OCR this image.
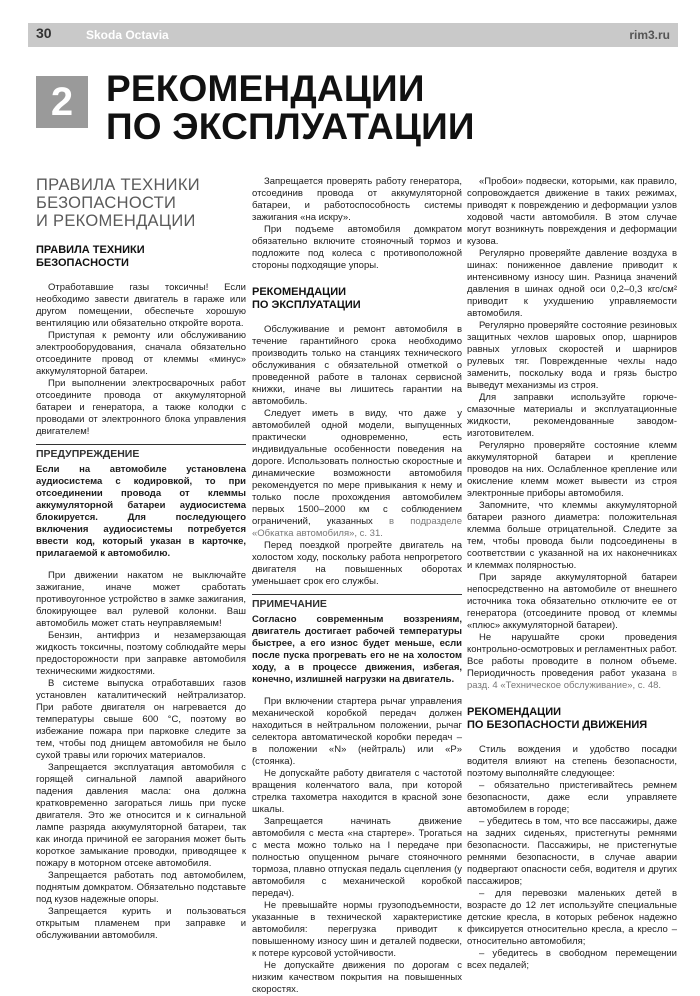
30	Skoda Octavia	rim3.ru
2 РЕКОМЕНДАЦИИ
ПО ЭКСПЛУАТАЦИИ
ПРАВИЛА ТЕХНИКИ
БЕЗОПАСНОСТИ
И РЕКОМЕНДАЦИИ
ПРАВИЛА ТЕХНИКИ
БЕЗОПАСНОСТИ

Отработавшие газы токсичны! Если необходимо завести двигатель в гараже или другом помещении, обеспечьте хорошую вентиляцию или обязательно откройте ворота.

Приступая к ремонту или обслуживанию электрооборудования, сначала обязательно отсоедините провод от клеммы «минус» аккумуляторной батареи.

При выполнении электросварочных работ отсоедините провода от аккумуляторной батареи и генератора, а также колодки с проводами от электронного блока управления двигателем!

ПРЕДУПРЕЖДЕНИЕ
Если на автомобиле установлена аудиосистема с кодировкой, то при отсоединении провода от клеммы аккумуляторной батареи аудиосистема блокируется. Для последующего включения аудиосистемы потребуется ввести код, который указан в карточке, прилагаемой к автомобилю.

При движении накатом не выключайте зажигание, иначе может сработать противоугонное устройство в замке зажигания, блокирующее вал рулевой колонки. Ваш автомобиль может стать неуправляемым!

Бензин, антифриз и незамерзающая жидкость токсичны, поэтому соблюдайте меры предосторожности при заправке автомобиля техническими жидкостями.

В системе выпуска отработавших газов установлен каталитический нейтрализатор. При работе двигателя он нагревается до температуры свыше 600 °С, поэтому во избежание пожара при парковке следите за тем, чтобы под днищем автомобиля не было сухой травы или горючих материалов.

Запрещается эксплуатация автомобиля с горящей сигнальной лампой аварийного падения давления масла: она должна кратковременно загораться лишь при пуске двигателя. Это же относится и к сигнальной лампе разряда аккумуляторной батареи, так как иногда причиной ее загорания может быть короткое замыкание проводки, приводящее к пожару в моторном отсеке автомобиля.

Запрещается работать под автомобилем, поднятым домкратом. Обязательно подставьте под кузов надежные опоры.

Запрещается курить и пользоваться открытым пламенем при заправке и обслуживании автомобиля.

Запрещается проверять работу генератора, отсоединив провода от аккумуляторной батареи, и работоспособность системы зажигания «на искру».

При подъеме автомобиля домкратом обязательно включите стояночный тормоз и подложите под колеса с противоположной стороны подходящие упоры.

РЕКОМЕНДАЦИИ
ПО ЭКСПЛУАТАЦИИ

Обслуживание и ремонт автомобиля в течение гарантийного срока необходимо производить только на станциях технического обслуживания с обязательной отметкой о проведенной работе в талонах сервисной книжки, иначе вы лишитесь гарантии на автомобиль.

Следует иметь в виду, что даже у автомобилей одной модели, выпущенных практически одновременно, есть индивидуальные особенности поведения на дороге. Использовать полностью скоростные и динамические возможности автомобиля рекомендуется по мере привыкания к нему и только после прохождения автомобилем первых 1500–2000 км с соблюдением ограничений, указанных в подразделе «Обкатка автомобиля», с. 31.

Перед поездкой прогрейте двигатель на холостом ходу, поскольку работа непрогретого двигателя на повышенных оборотах уменьшает срок его службы.

ПРИМЕЧАНИЕ
Согласно современным воззрениям, двигатель достигает рабочей температуры быстрее, а его износ будет меньше, если после пуска прогревать его не на холостом ходу, а в процессе движения, избегая, конечно, излишней нагрузки на двигатель.

При включении стартера рычаг управления механической коробкой передач должен находиться в нейтральном положении, рычаг селектора автоматической коробки передач – в положении «N» (нейтраль) или «P» (стоянка).

Не допускайте работу двигателя с частотой вращения коленчатого вала, при которой стрелка тахометра находится в красной зоне шкалы.

Запрещается начинать движение автомобиля с места «на стартере». Трогаться с места можно только на I передаче при полностью опущенном рычаге стояночного тормоза, плавно отпуская педаль сцепления (у автомобиля с механической коробкой передач).

Не превышайте нормы грузоподъемности, указанные в технической характеристике автомобиля: перегрузка приводит к повышенному износу шин и деталей подвески, к потере курсовой устойчивости.

Не допускайте движения по дорогам с низким качеством покрытия на повышенных скоростях.

«Пробои» подвески, которыми, как правило, сопровождается движение в таких режимах, приводят к повреждению и деформации узлов ходовой части автомобиля. В этом случае могут возникнуть повреждения и деформации кузова.

Регулярно проверяйте давление воздуха в шинах: пониженное давление приводит к интенсивному износу шин. Разница значений давления в шинах одной оси 0,2–0,3 кгс/см² приводит к ухудшению управляемости автомобиля.

Регулярно проверяйте состояние резиновых защитных чехлов шаровых опор, шарниров равных угловых скоростей и шарниров рулевых тяг. Поврежденные чехлы надо заменить, поскольку вода и грязь быстро выведут механизмы из строя.

Для заправки используйте горюче-смазочные материалы и эксплуатационные жидкости, рекомендованные заводом-изготовителем.

Регулярно проверяйте состояние клемм аккумуляторной батареи и крепление проводов на них. Ослабленное крепление или окисление клемм может вывести из строя электронные приборы автомобиля.

Запомните, что клеммы аккумуляторной батареи разного диаметра: положительная клемма больше отрицательной. Следите за тем, чтобы провода были подсоединены в соответствии с указанной на их наконечниках и клеммах полярностью.

При заряде аккумуляторной батареи непосредственно на автомобиле от внешнего источника тока обязательно отключите ее от генератора (отсоедините провод от клеммы «плюс» аккумуляторной батареи).

Не нарушайте сроки проведения контрольно-осмотровых и регламентных работ. Все работы проводите в полном объеме. Периодичность проведения работ указана в разд. 4 «Техническое обслуживание», с. 48.

РЕКОМЕНДАЦИИ
ПО БЕЗОПАСНОСТИ ДВИЖЕНИЯ

Стиль вождения и удобство посадки водителя влияют на степень безопасности, поэтому выполняйте следующее:

– обязательно пристегивайтесь ремнем безопасности, даже если управляете автомобилем в городе;

– убедитесь в том, что все пассажиры, даже на задних сиденьях, пристегнуты ремнями безопасности. Пассажиры, не пристегнутые ремнями безопасности, в случае аварии подвергают опасности себя, водителя и других пассажиров;

– для перевозки маленьких детей в возрасте до 12 лет используйте специальные детские кресла, в которых ребенок надежно фиксируется относительно кресла, а кресло – относительно автомобиля;

– убедитесь в свободном перемещении всех педалей;
